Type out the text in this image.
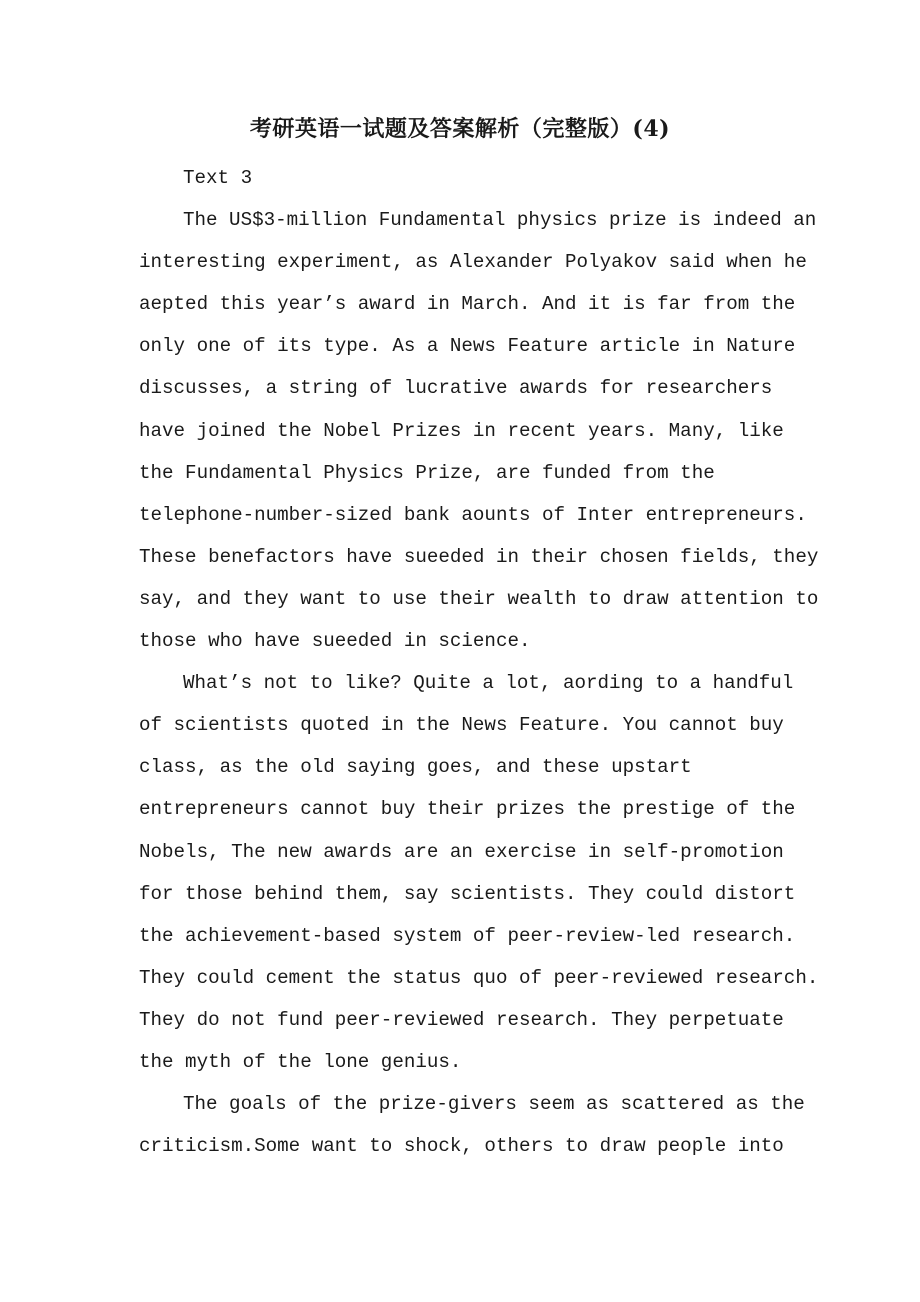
考研英语一试题及答案解析（完整版）(4)
Text 3
The US$3-million Fundamental physics prize is indeed an
interesting experiment, as Alexander Polyakov said when he
aepted this year’s award in March. And it is far from the
only one of its type. As a News Feature article in Nature
discusses, a string of lucrative awards for researchers
have joined the Nobel Prizes in recent years. Many, like
the Fundamental Physics Prize, are funded from the
telephone-number-sized bank aounts of Inter entrepreneurs.
These benefactors have sueeded in their chosen fields, they
say, and they want to use their wealth to draw attention to
those who have sueeded in science.
What’s not to like? Quite a lot, aording to a handful
of scientists quoted in the News Feature. You cannot buy
class, as the old saying goes, and these upstart
entrepreneurs cannot buy their prizes the prestige of the
Nobels, The new awards are an exercise in self-promotion
for those behind them, say scientists. They could distort
the achievement-based system of peer-review-led research.
They could cement the status quo of peer-reviewed research.
They do not fund peer-reviewed research. They perpetuate
the myth of the lone genius.
The goals of the prize-givers seem as scattered as the
criticism.Some want to shock, others to draw people into
